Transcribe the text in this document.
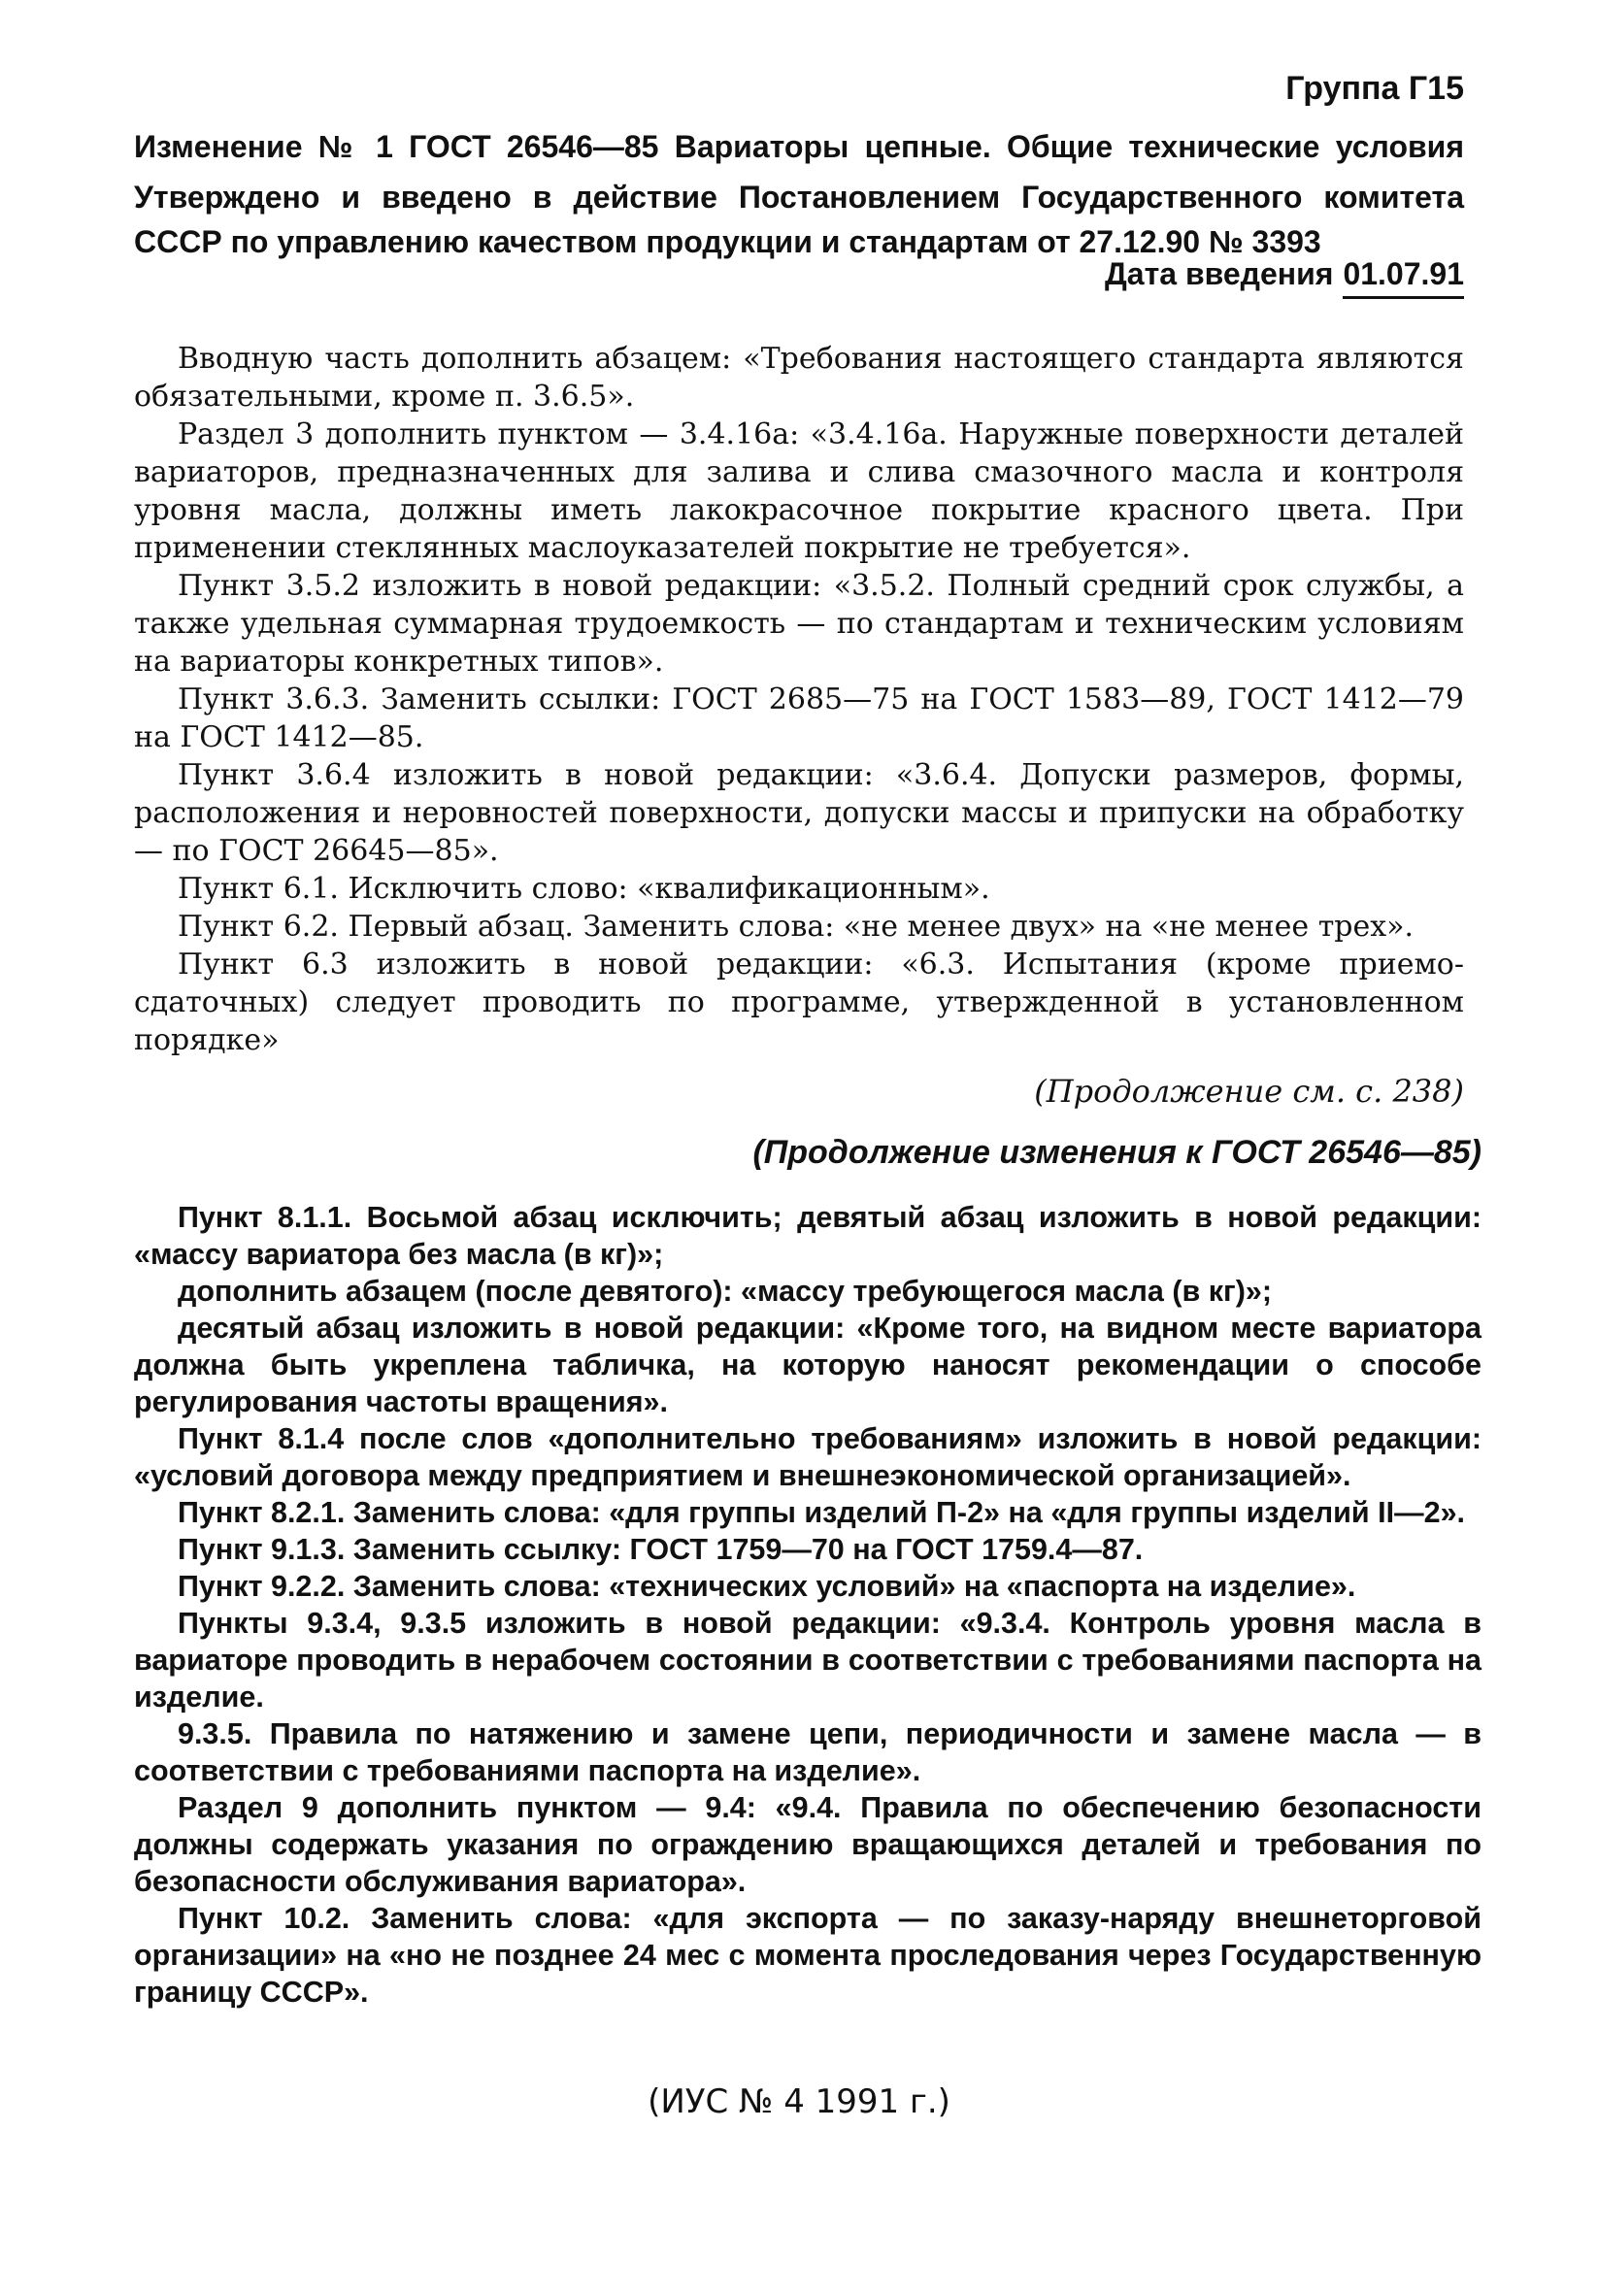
Группа Г15

Изменение № 1 ГОСТ 26546—85 Вариаторы цепные. Общие технические условия

Утверждено и введено в действие Постановлением Государственного комитета СССР по управлению качеством продукции и стандартам от 27.12.90 № 3393

Дата введения 01.07.91

Вводную часть дополнить абзацем: «Требования настоящего стандарта являются обязательными, кроме п. 3.6.5».

Раздел 3 дополнить пунктом — 3.4.16а: «3.4.16а. Наружные поверхности деталей вариаторов, предназначенных для залива и слива смазочного масла и контроля уровня масла, должны иметь лакокрасочное покрытие красного цвета. При применении стеклянных маслоуказателей покрытие не требуется».

Пункт 3.5.2 изложить в новой редакции: «3.5.2. Полный средний срок службы, а также удельная суммарная трудоемкость — по стандартам и техническим условиям на вариаторы конкретных типов».

Пункт 3.6.3. Заменить ссылки: ГОСТ 2685—75 на ГОСТ 1583—89, ГОСТ 1412—79 на ГОСТ 1412—85.

Пункт 3.6.4 изложить в новой редакции: «3.6.4. Допуски размеров, формы, расположения и неровностей поверхности, допуски массы и припуски на обработку — по ГОСТ 26645—85».

Пункт 6.1. Исключить слово: «квалификационным».

Пункт 6.2. Первый абзац. Заменить слова: «не менее двух» на «не менее трех».

Пункт 6.3 изложить в новой редакции: «6.3. Испытания (кроме приемо-сдаточных) следует проводить по программе, утвержденной в установленном порядке»

(Продолжение см. с. 238)

(Продолжение изменения к ГОСТ 26546—85)

Пункт 8.1.1. Восьмой абзац исключить; девятый абзац изложить в новой редакции: «массу вариатора без масла (в кг)»;

дополнить абзацем (после девятого): «массу требующегося масла (в кг)»;

десятый абзац изложить в новой редакции: «Кроме того, на видном месте вариатора должна быть укреплена табличка, на которую наносят рекомендации о способе регулирования частоты вращения».

Пункт 8.1.4 после слов «дополнительно требованиям» изложить в новой редакции: «условий договора между предприятием и внешнеэкономической организацией».

Пункт 8.2.1. Заменить слова: «для группы изделий П-2» на «для группы изделий II—2».

Пункт 9.1.3. Заменить ссылку: ГОСТ 1759—70 на ГОСТ 1759.4—87.

Пункт 9.2.2. Заменить слова: «технических условий» на «паспорта на изделие».

Пункты 9.3.4, 9.3.5 изложить в новой редакции: «9.3.4. Контроль уровня масла в вариаторе проводить в нерабочем состоянии в соответствии с требованиями паспорта на изделие.

9.3.5. Правила по натяжению и замене цепи, периодичности и замене масла — в соответствии с требованиями паспорта на изделие».

Раздел 9 дополнить пунктом — 9.4: «9.4. Правила по обеспечению безопасности должны содержать указания по ограждению вращающихся деталей и требования по безопасности обслуживания вариатора».

Пункт 10.2. Заменить слова: «для экспорта — по заказу-наряду внешнеторговой организации» на «но не позднее 24 мес с момента проследования через Государственную границу СССР».

(ИУС № 4 1991 г.)
